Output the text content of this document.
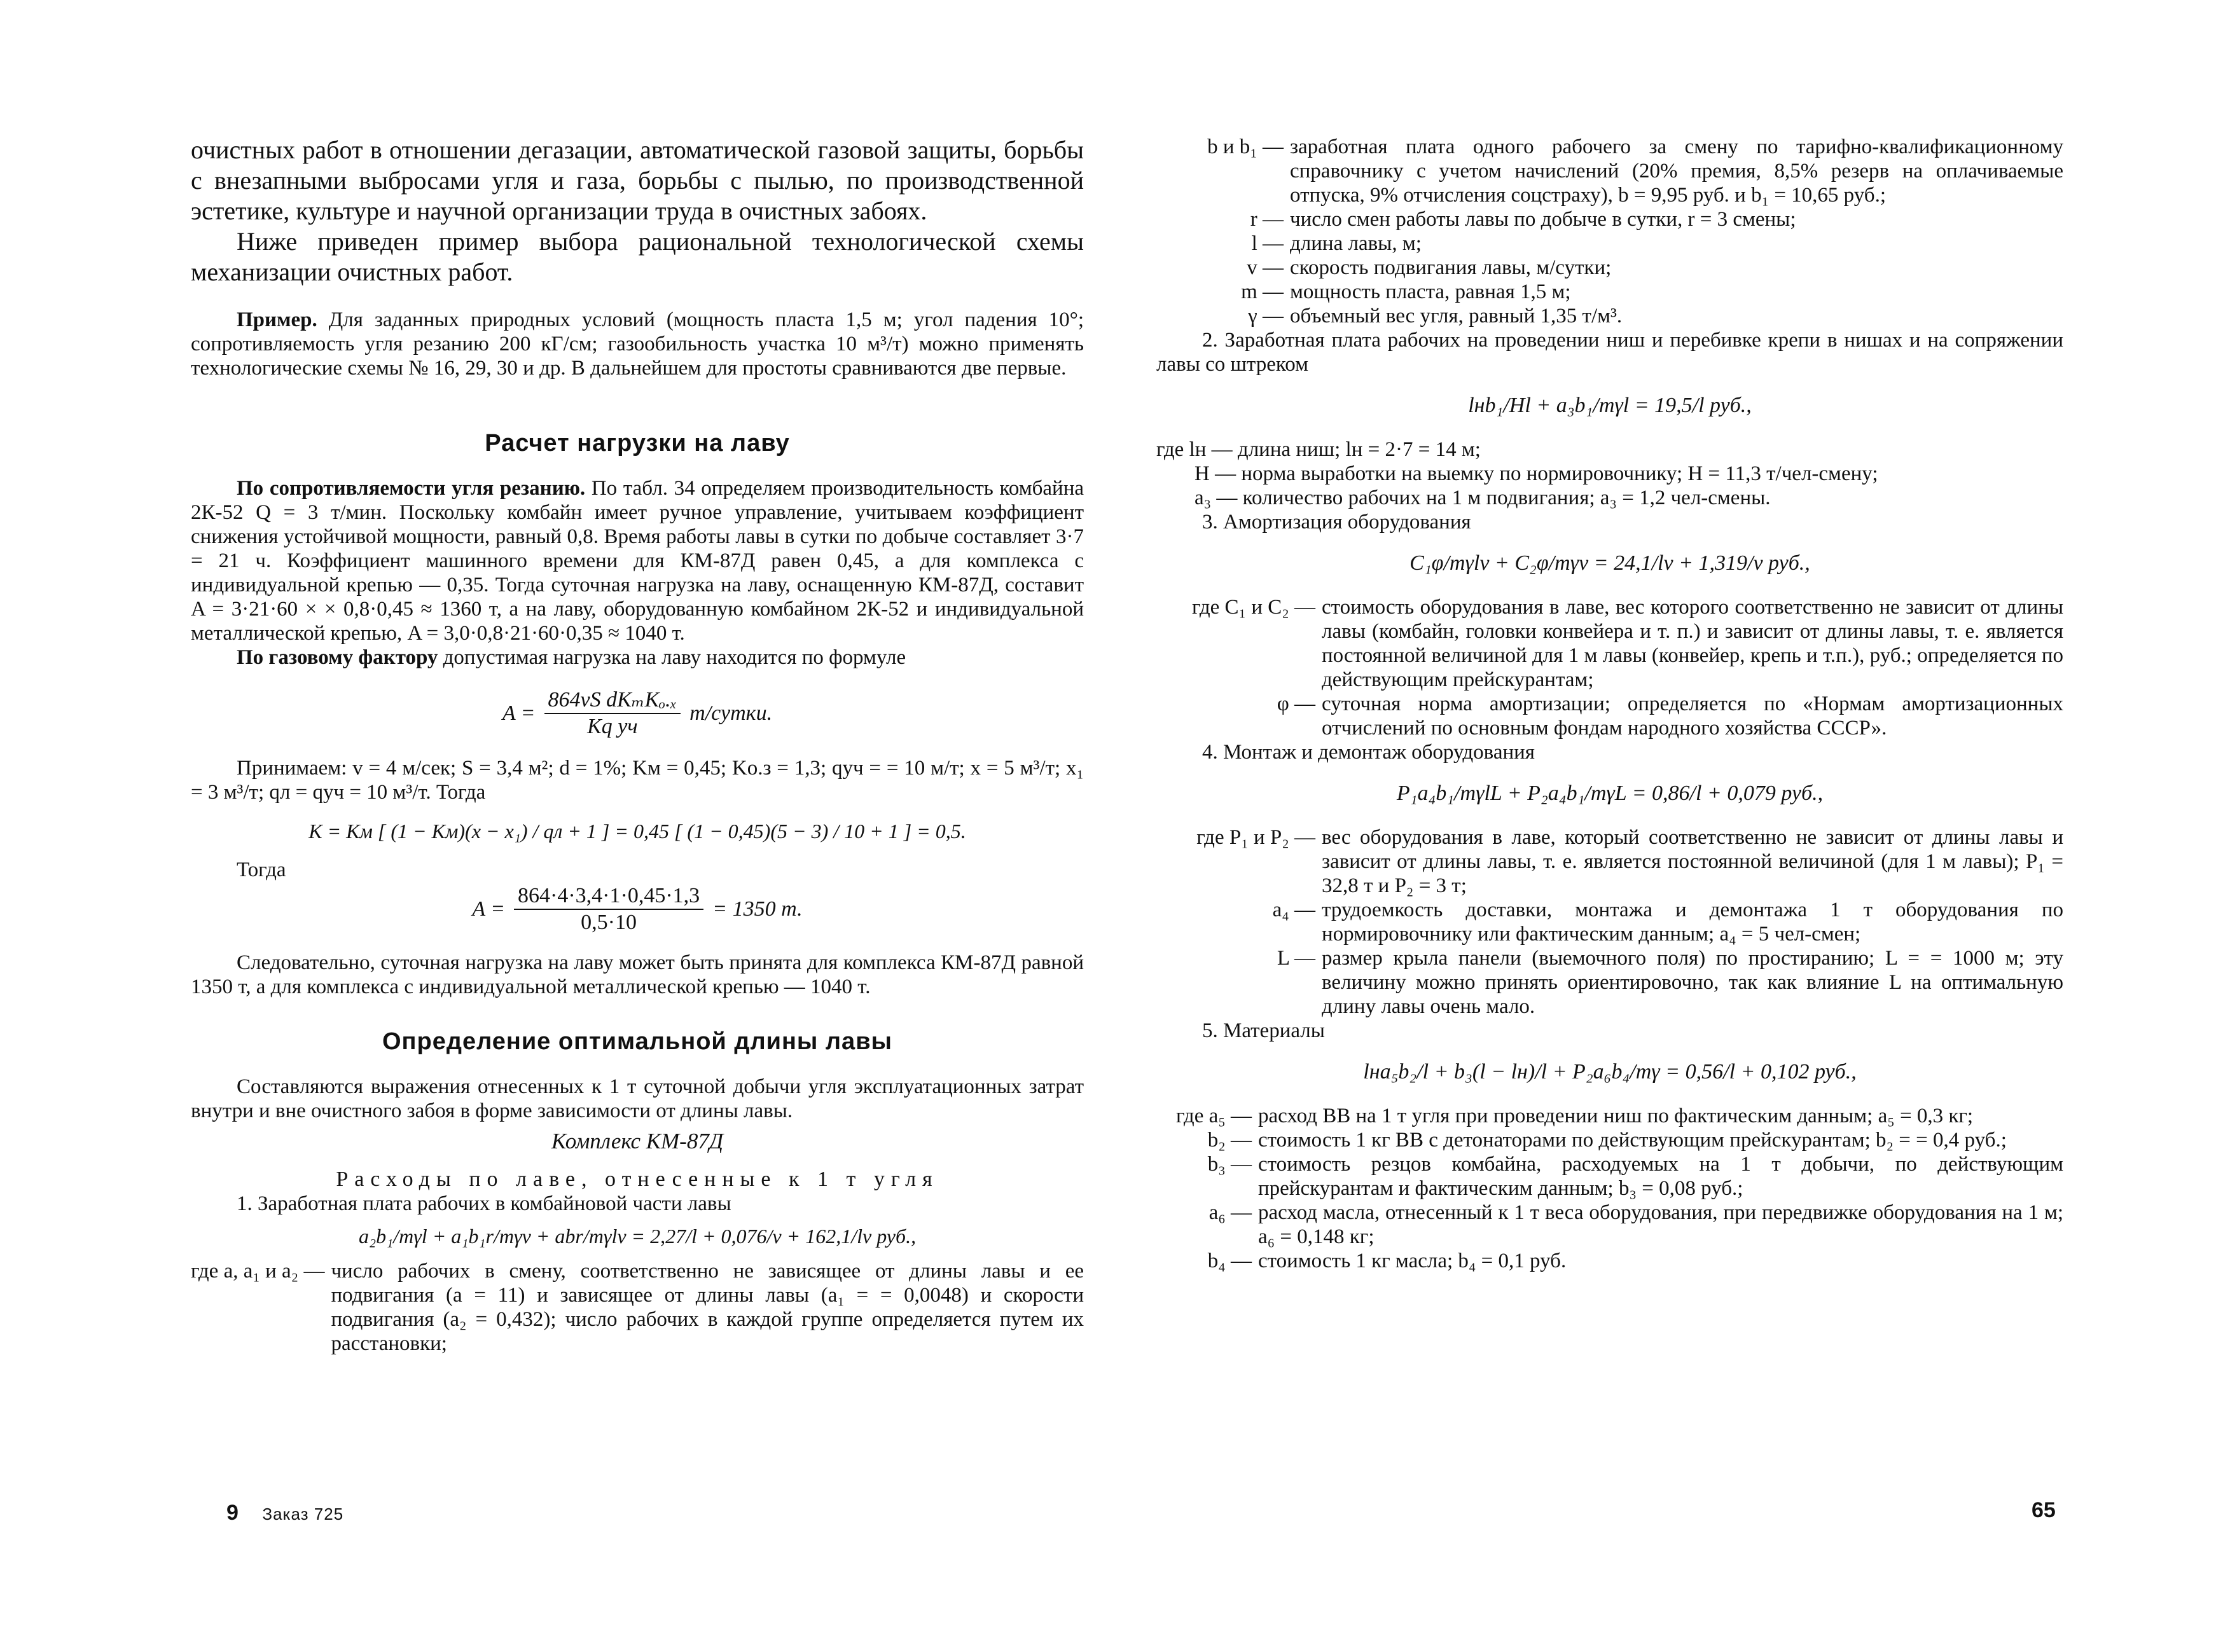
очистных работ в отношении дегазации, автоматической газовой защиты, борьбы с внезапными выбросами угля и газа, борьбы с пылью, по производственной эстетике, культуре и научной организации труда в очистных забоях.

Ниже приведен пример выбора рациональной технологической схемы механизации очистных работ.

Пример. Для заданных природных условий (мощность пласта 1,5 м; угол падения 10°; сопротивляемость угля резанию 200 кГ/см; газообильность участка 10 м³/т) можно применять технологические схемы № 16, 29, 30 и др. В дальнейшем для простоты сравниваются две первые.

Расчет нагрузки на лаву

По сопротивляемости угля резанию. По табл. 34 определяем производительность комбайна 2К-52 Q = 3 т/мин. Поскольку комбайн имеет ручное управление, учитываем коэффициент снижения устойчивой мощности, равный 0,8. Время работы лавы в сутки по добыче составляет 3·7 = 21 ч. Коэффициент машинного времени для КМ-87Д равен 0,45, а для комплекса с индивидуальной крепью — 0,35. Тогда суточная нагрузка на лаву, оснащенную КМ-87Д, составит A = 3·21·60 × × 0,8·0,45 ≈ 1360 т, а на лаву, оборудованную комбайном 2К-52 и индивидуальной металлической крепью, A = 3,0·0,8·21·60·0,35 ≈ 1040 т.

По газовому фактору допустимая нагрузка на лаву находится по формуле

A =
864vS dKₘKₒ.ₓ
Kq уч
т/сутки.

Принимаем: v = 4 м/сек; S = 3,4 м²; d = 1%; Kм = 0,45; Kо.з = 1,3; qуч = = 10 м/т; x = 5 м³/т; x₁ = 3 м³/т; qл = qуч = 10 м³/т. Тогда

K = Kм [ (1 − Kм)(x − x₁) / qл + 1 ] = 0,45 [ (1 − 0,45)(5 − 3) / 10 + 1 ] = 0,5.

Тогда

$A = \frac{864\cdot 4\cdot 3,4\cdot 1\cdot 0,45\cdot 1,3}{0,5\cdot 10} = 1350$ т.

Следовательно, суточная нагрузка на лаву может быть принята для комплекса КМ-87Д равной 1350 т, а для комплекса с индивидуальной металлической крепью — 1040 т.

Определение оптимальной длины лавы

Составляются выражения отнесенных к 1 т суточной добычи угля эксплуатационных затрат внутри и вне очистного забоя в форме зависимости от длины лавы.

Комплекс КМ-87Д

Расходы по лаве, отнесенные к 1 т угля

1. Заработная плата рабочих в комбайновой части лавы

a₂b₁/mγl + a₁b₁r/mγv + abr/mγlv = 2,27/l + 0,076/v + 162,1/lv руб.,

где a, a₁ и a₂ — число рабочих в смену, соответственно не зависящее от длины лавы и ее подвигания (a = 11) и зависящее от длины лавы (a₁ = = 0,0048) и скорости подвигания (a₂ = 0,432); число рабочих в каждой группе определяется путем их расстановки;
9 Заказ 725
b и b₁ — заработная плата одного рабочего за смену по тарифно-квалификационному справочнику с учетом начислений (20% премия, 8,5% резерв на оплачиваемые отпуска, 9% отчисления соцстраху), b = 9,95 руб. и b₁ = 10,65 руб.;
r — число смен работы лавы по добыче в сутки, r = 3 смены;
l — длина лавы, м;
v — скорость подвигания лавы, м/сутки;
m — мощность пласта, равная 1,5 м;
γ — объемный вес угля, равный 1,35 т/м³.

2. Заработная плата рабочих на проведении ниш и перебивке крепи в нишах и на сопряжении лавы со штреком

lнb₁/Hl + a₃b₁/mγl = 19,5/l руб.,

где lн — длина ниш; lн = 2·7 = 14 м;

H — норма выработки на выемку по нормировочнику; H = 11,3 т/чел-смену;

a₃ — количество рабочих на 1 м подвигания; a₃ = 1,2 чел-смены.

3. Амортизация оборудования

C₁φ/mγlv + C₂φ/mγv = 24,1/lv + 1,319/v руб.,

где C₁ и C₂ — стоимость оборудования в лаве, вес которого соответственно не зависит от длины лавы (комбайн, головки конвейера и т. п.) и зависит от длины лавы, т. е. является постоянной величиной для 1 м лавы (конвейер, крепь и т.п.), руб.; определяется по действующим прейскурантам;
φ — суточная норма амортизации; определяется по «Нормам амортизационных отчислений по основным фондам народного хозяйства СССР».

4. Монтаж и демонтаж оборудования

P₁a₄b₁/mγlL + P₂a₄b₁/mγL = 0,86/l + 0,079 руб.,

где P₁ и P₂ — вес оборудования в лаве, который соответственно не зависит от длины лавы и зависит от длины лавы, т. е. является постоянной величиной (для 1 м лавы); P₁ = 32,8 т и P₂ = 3 т;
a₄ — трудоемкость доставки, монтажа и демонтажа 1 т оборудования по нормировочнику или фактическим данным; a₄ = 5 чел-смен;
L — размер крыла панели (выемочного поля) по простиранию; L = = 1000 м; эту величину можно принять ориентировочно, так как влияние L на оптимальную длину лавы очень мало.

5. Материалы

lнa₅b₂/l + b₃(l − lн)/l + P₂a₆b₄/mγ = 0,56/l + 0,102 руб.,

где a₅ — расход ВВ на 1 т угля при проведении ниш по фактическим данным; a₅ = 0,3 кг;
b₂ — стоимость 1 кг ВВ с детонаторами по действующим прейскурантам; b₂ = = 0,4 руб.;
b₃ — стоимость резцов комбайна, расходуемых на 1 т добычи, по действующим прейскурантам и фактическим данным; b₃ = 0,08 руб.;
a₆ — расход масла, отнесенный к 1 т веса оборудования, при передвижке оборудования на 1 м; a₆ = 0,148 кг;
b₄ — стоимость 1 кг масла; b₄ = 0,1 руб.
65
